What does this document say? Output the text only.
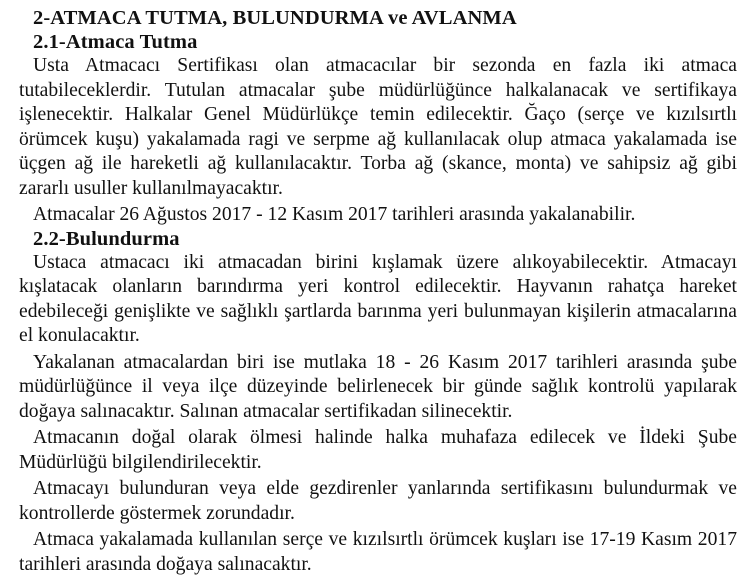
2-ATMACA TUTMA, BULUNDURMA ve AVLANMA
2.1-Atmaca Tutma

Usta Atmacacı Sertifikası olan atmacacılar bir sezonda en fazla iki atmaca tutabileceklerdir. Tutulan atmacalar şube müdürlüğünce halkalanacak ve sertifikaya işlenecektir. Halkalar Genel Müdürlükçe temin edilecektir. Ğaço (serçe ve kızılsırtlı örümcek kuşu) yakalamada ragi ve serpme ağ kullanılacak olup atmaca yakalamada ise üçgen ağ ile hareketli ağ kullanılacaktır. Torba ağ (skance, monta) ve sahipsiz ağ gibi zararlı usuller kullanılmayacaktır.

Atmacalar 26 Ağustos 2017 - 12 Kasım 2017 tarihleri arasında yakalanabilir.

2.2-Bulundurma

Ustaca atmacacı iki atmacadan birini kışlamak üzere alıkoyabilecektir. Atmacayı kışlatacak olanların barındırma yeri kontrol edilecektir. Hayvanın rahatça hareket edebileceği genişlikte ve sağlıklı şartlarda barınma yeri bulunmayan kişilerin atmacalarına el konulacaktır.

Yakalanan atmacalardan biri ise mutlaka 18 - 26 Kasım 2017 tarihleri arasında şube müdürlüğünce il veya ilçe düzeyinde belirlenecek bir günde sağlık kontrolü yapılarak doğaya salınacaktır. Salınan atmacalar sertifikadan silinecektir.

Atmacanın doğal olarak ölmesi halinde halka muhafaza edilecek ve İldeki Şube Müdürlüğü bilgilendirilecektir.

Atmacayı bulunduran veya elde gezdirenler yanlarında sertifikasını bulundurmak ve kontrollerde göstermek zorundadır.

Atmaca yakalamada kullanılan serçe ve kızılsırtlı örümcek kuşları ise 17-19 Kasım 2017 tarihleri arasında doğaya salınacaktır.
